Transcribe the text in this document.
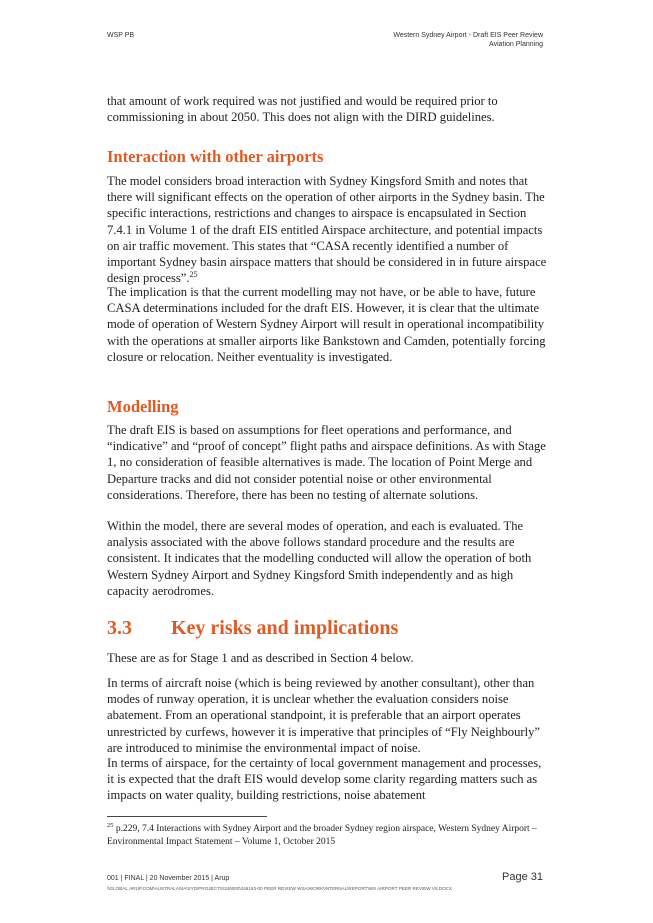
WSP PB	Western Sydney Airport - Draft EIS Peer Review
Aviation Planning

that amount of work required was not justified and would be required prior to commissioning in about 2050. This does not align with the DIRD guidelines.

Interaction with other airports

The model considers broad interaction with Sydney Kingsford Smith and notes that there will significant effects on the operation of other airports in the Sydney basin. The specific interactions, restrictions and changes to airspace is encapsulated in Section 7.4.1 in Volume 1 of the draft EIS entitled Airspace architecture, and potential impacts on air traffic movement. This states that “CASA recently identified a number of important Sydney basin airspace matters that should be considered in in future airspace design process”.$^{25}$

The implication is that the current modelling may not have, or be able to have, future CASA determinations included for the draft EIS. However, it is clear that the ultimate mode of operation of Western Sydney Airport will result in operational incompatibility with the operations at smaller airports like Bankstown and Camden, potentially forcing closure or relocation. Neither eventuality is investigated.

Modelling

The draft EIS is based on assumptions for fleet operations and performance, and “indicative” and “proof of concept” flight paths and airspace definitions. As with Stage 1, no consideration of feasible alternatives is made. The location of Point Merge and Departure tracks and did not consider potential noise or other environmental considerations. Therefore, there has been no testing of alternate solutions.

Within the model, there are several modes of operation, and each is evaluated. The analysis associated with the above follows standard procedure and the results are consistent. It indicates that the modelling conducted will allow the operation of both Western Sydney Airport and Sydney Kingsford Smith independently and as high capacity aerodromes.

3.3 Key risks and implications

These are as for Stage 1 and as described in Section 4 below.

In terms of aircraft noise (which is being reviewed by another consultant), other than modes of runway operation, it is unclear whether the evaluation considers noise abatement. From an operational standpoint, it is preferable that an airport operates unrestricted by curfews, however it is imperative that principles of “Fly Neighbourly” are introduced to minimise the environmental impact of noise.

In terms of airspace, for the certainty of local government management and processes, it is expected that the draft EIS would develop some clarity regarding matters such as impacts on water quality, building restrictions, noise abatement

$^{25}$ p.229, 7.4 Interactions with Sydney Airport and the broader Sydney region airspace, Western Sydney Airport – Environmental Impact Statement – Volume 1, October 2015
001 | FINAL | 20 November 2015 | Arup	Page 31
\\GLOBAL.ARUP.COM\AUSTRALASIA\SYD\PROJECTS\246000\246163-00 PEER REVIEW WSA\WORK\INTERNAL\REPORT\WS AIRPORT PEER REVIEW V8.DOCX
